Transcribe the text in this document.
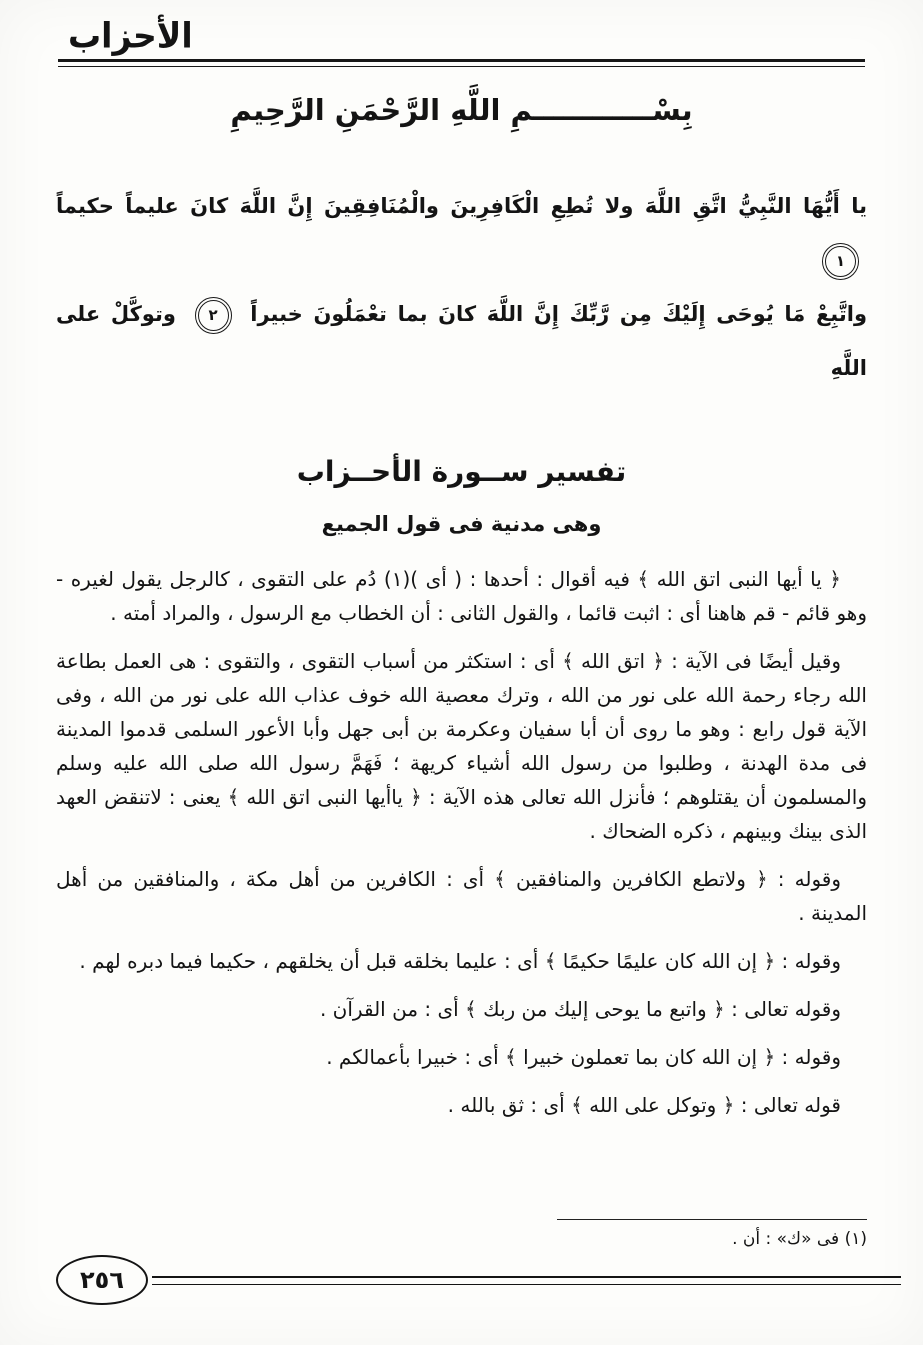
الأحزاب
بِسْــــــــــــمِ اللَّهِ الرَّحْمَنِ الرَّحِيمِ
يا أَيُّهَا النَّبِيُّ اتَّقِ اللَّهَ ولا تُطِعِ الْكَافِرِينَ والْمُنَافِقِينَ إِنَّ اللَّهَ كانَ عليماً حكيماً
١
واتَّبِعْ مَا يُوحَى إِلَيْكَ مِن رَّبِّكَ إِنَّ اللَّهَ كانَ بما تعْمَلُونَ خبيراً
٢
وتوكَّلْ على اللَّهِ
تفسير ســورة الأحــزاب
وهى مدنية فى قول الجميع

﴿ يا أيها النبى اتق الله ﴾ فيه أقوال : أحدها : ( أى )(١) دُم على التقوى ، كالرجل يقول لغيره - وهو قائم - قم هاهنا أى : اثبت قائما ، والقول الثانى : أن الخطاب مع الرسول ، والمراد أمته .

وقيل أيضًا فى الآية : ﴿ اتق الله ﴾ أى : استكثر من أسباب التقوى ، والتقوى : هى العمل بطاعة الله رجاء رحمة الله على نور من الله ، وترك معصية الله خوف عذاب الله على نور من الله ، وفى الآية قول رابع : وهو ما روى أن أبا سفيان وعكرمة بن أبى جهل وأبا الأعور السلمى قدموا المدينة فى مدة الهدنة ، وطلبوا من رسول الله أشياء كريهة ؛ فَهَمَّ رسول الله صلى الله عليه وسلم والمسلمون أن يقتلوهم ؛ فأنزل الله تعالى هذه الآية : ﴿ ياأيها النبى اتق الله ﴾ يعنى : لاتنقض العهد الذى بينك وبينهم ، ذكره الضحاك .

وقوله : ﴿ ولاتطع الكافرين والمنافقين ﴾ أى : الكافرين من أهل مكة ، والمنافقين من أهل المدينة .

وقوله : ﴿ إن الله كان عليمًا حكيمًا ﴾ أى : عليما بخلقه قبل أن يخلقهم ، حكيما فيما دبره لهم .

وقوله تعالى : ﴿ واتبع ما يوحى إليك من ربك ﴾ أى : من القرآن .

وقوله : ﴿ إن الله كان بما تعملون خبيرا ﴾ أى : خبيرا بأعمالكم .

قوله تعالى : ﴿ وتوكل على الله ﴾ أى : ثق بالله .

(١) فى «ك» : أن .
٢٥٦
